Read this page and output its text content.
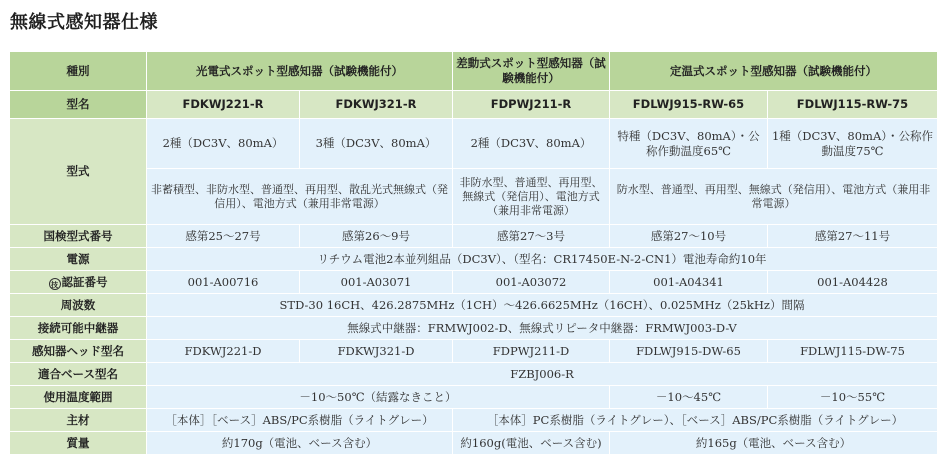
無線式感知器仕様
種別	光電式スポット型感知器（試験機能付）		差動式スポット型感知器（試験機能付）	定温式スポット型感知器（試験機能付）	
型名	FDKWJ221-R	FDKWJ321-R	FDPWJ211-R	FDLWJ915-RW-65	FDLWJ115-RW-75
型式	2種（DC3V、80mA）	3種（DC3V、80mA）	2種（DC3V、80mA）	特種（DC3V、80mA）・公称作動温度65℃	1種（DC3V、80mA）・公称作動温度75℃
	非蓄積型、非防水型、普通型、再用型、散乱光式無線式（発信用）、電池方式（兼用非常電源）		非防水型、普通型、再用型、無線式（発信用）、電池方式（兼用非常電源）	防水型、普通型、再用型、無線式（発信用）、電池方式（兼用非常電源）	
国検型式番号	感第25～27号	感第26～9号	感第27～3号	感第27～10号	感第27～11号
電源	リチウム電池2本並列組品（DC3V）、（型名：CR17450E-N-2-CN1）電池寿命約10年				
技 認証番号	001-A00716	001-A03071	001-A03072	001-A04341	001-A04428
周波数	STD-30 16CH、426.2875MHz（1CH）～426.6625MHz（16CH）、0.025MHz（25kHz）間隔				
接続可能中継器	無線式中継器：FRMWJ002-D、無線式リピータ中継器：FRMWJ003-D-V				
感知器ヘッド型名	FDKWJ221-D	FDKWJ321-D	FDPWJ211-D	FDLWJ915-DW-65	FDLWJ115-DW-75
適合ベース型名	FZBJ006-R				
使用温度範囲	－10～50℃（結露なきこと）			－10～45℃	－10～55℃
主材	［本体］［ベース］ABS/PC系樹脂（ライトグレー）		［本体］PC系樹脂（ライトグレー）、［ベース］ABS/PC系樹脂（ライトグレー）		
質量	約170g（電池、ベース含む）		約160g(電池、ベース含む)	約165g（電池、ベース含む）	
